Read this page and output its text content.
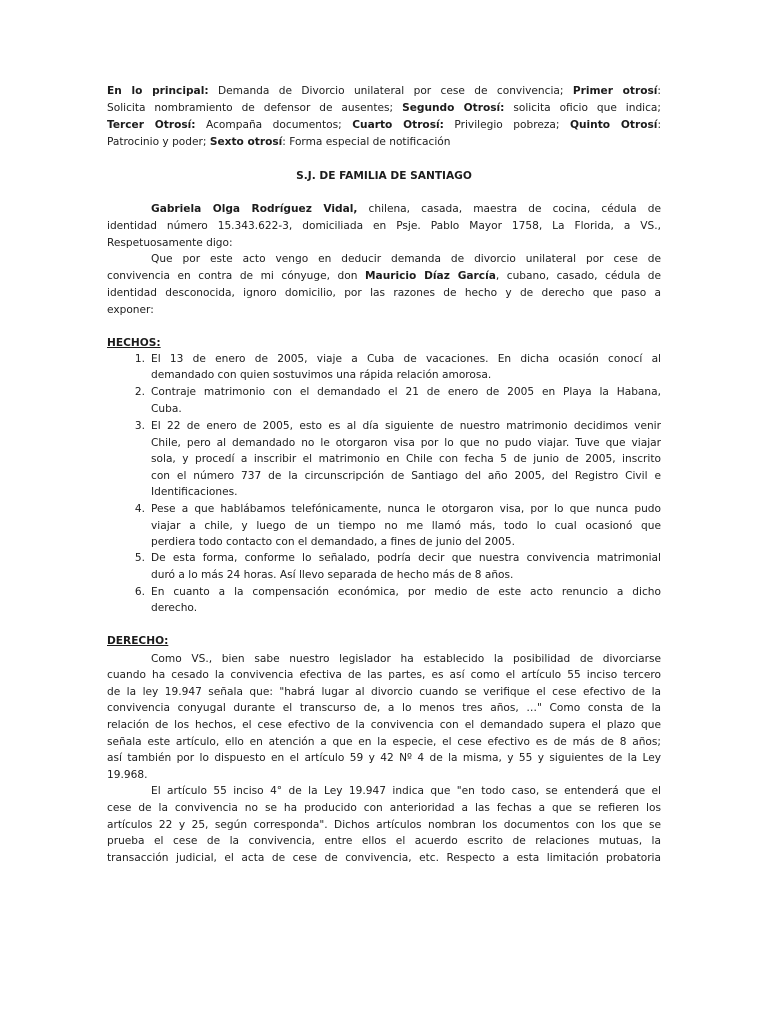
En lo principal: Demanda de Divorcio unilateral por cese de convivencia; Primer otrosí:
Solicita nombramiento de defensor de ausentes; Segundo Otrosí: solicita oficio que indica;
Tercer Otrosí: Acompaña documentos; Cuarto Otrosí: Privilegio pobreza; Quinto Otrosí:
Patrocinio y poder; Sexto otrosí: Forma especial de notificación
S.J. DE FAMILIA DE SANTIAGO
Gabriela Olga Rodríguez Vidal, chilena, casada, maestra de cocina, cédula de
identidad número 15.343.622-3, domiciliada en Psje. Pablo Mayor 1758, La Florida, a VS.,
Respetuosamente digo:
Que por este acto vengo en deducir demanda de divorcio unilateral por cese de
convivencia en contra de mi cónyuge, don Mauricio Díaz García, cubano, casado, cédula de
identidad desconocida, ignoro domicilio, por las razones de hecho y de derecho que paso a
exponer:
HECHOS:
1. El 13 de enero de 2005, viaje a Cuba de vacaciones. En dicha ocasión conocí al
demandado con quien sostuvimos una rápida relación amorosa.
2. Contraje matrimonio con el demandado el 21 de enero de 2005 en Playa la Habana,
Cuba.
3. El 22 de enero de 2005, esto es al día siguiente de nuestro matrimonio decidimos venir
Chile, pero al demandado no le otorgaron visa por lo que no pudo viajar. Tuve que viajar
sola, y procedí a inscribir el matrimonio en Chile con fecha 5 de junio de 2005, inscrito
con el número 737 de la circunscripción de Santiago del año 2005, del Registro Civil e
Identificaciones.
4. Pese a que hablábamos telefónicamente, nunca le otorgaron visa, por lo que nunca pudo
viajar a chile, y luego de un tiempo no me llamó más, todo lo cual ocasionó que
perdiera todo contacto con el demandado, a fines de junio del 2005.
5. De esta forma, conforme lo señalado, podría decir que nuestra convivencia matrimonial
duró a lo más 24 horas. Así llevo separada de hecho más de 8 años.
6. En cuanto a la compensación económica, por medio de este acto renuncio a dicho
derecho.
DERECHO:
Como VS., bien sabe nuestro legislador ha establecido la posibilidad de divorciarse
cuando ha cesado la convivencia efectiva de las partes, es así como el artículo 55 inciso tercero
de la ley 19.947 señala que: "habrá lugar al divorcio cuando se verifique el cese efectivo de la
convivencia conyugal durante el transcurso de, a lo menos tres años, …" Como consta de la
relación de los hechos, el cese efectivo de la convivencia con el demandado supera el plazo que
señala este artículo, ello en atención a que en la especie, el cese efectivo es de más de 8 años;
así también por lo dispuesto en el artículo 59 y 42 Nº 4 de la misma, y 55 y siguientes de la Ley
19.968.
El artículo 55 inciso 4° de la Ley 19.947 indica que "en todo caso, se entenderá que el
cese de la convivencia no se ha producido con anterioridad a las fechas a que se refieren los
artículos 22 y 25, según corresponda". Dichos artículos nombran los documentos con los que se
prueba el cese de la convivencia, entre ellos el acuerdo escrito de relaciones mutuas, la
transacción judicial, el acta de cese de convivencia, etc. Respecto a esta limitación probatoria
